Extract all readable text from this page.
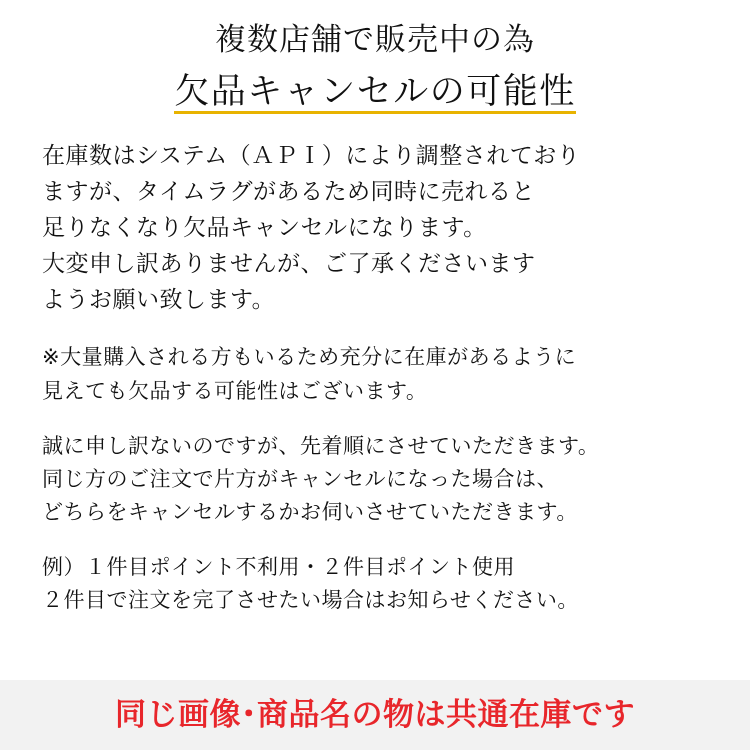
複数店舗で販売中の為
欠品キャンセルの可能性
在庫数はシステム（ＡＰＩ）により調整されており
ますが、タイムラグがあるため同時に売れると
足りなくなり欠品キャンセルになります。
大変申し訳ありませんが、ご了承くださいます
ようお願い致します。
※大量購入される方もいるため充分に在庫があるように
見えても欠品する可能性はございます。
誠に申し訳ないのですが、先着順にさせていただきます。
同じ方のご注文で片方がキャンセルになった場合は、
どちらをキャンセルするかお伺いさせていただきます。
例）１件目ポイント不利用・２件目ポイント使用
２件目で注文を完了させたい場合はお知らせください。
同じ画像･商品名の物は共通在庫です
